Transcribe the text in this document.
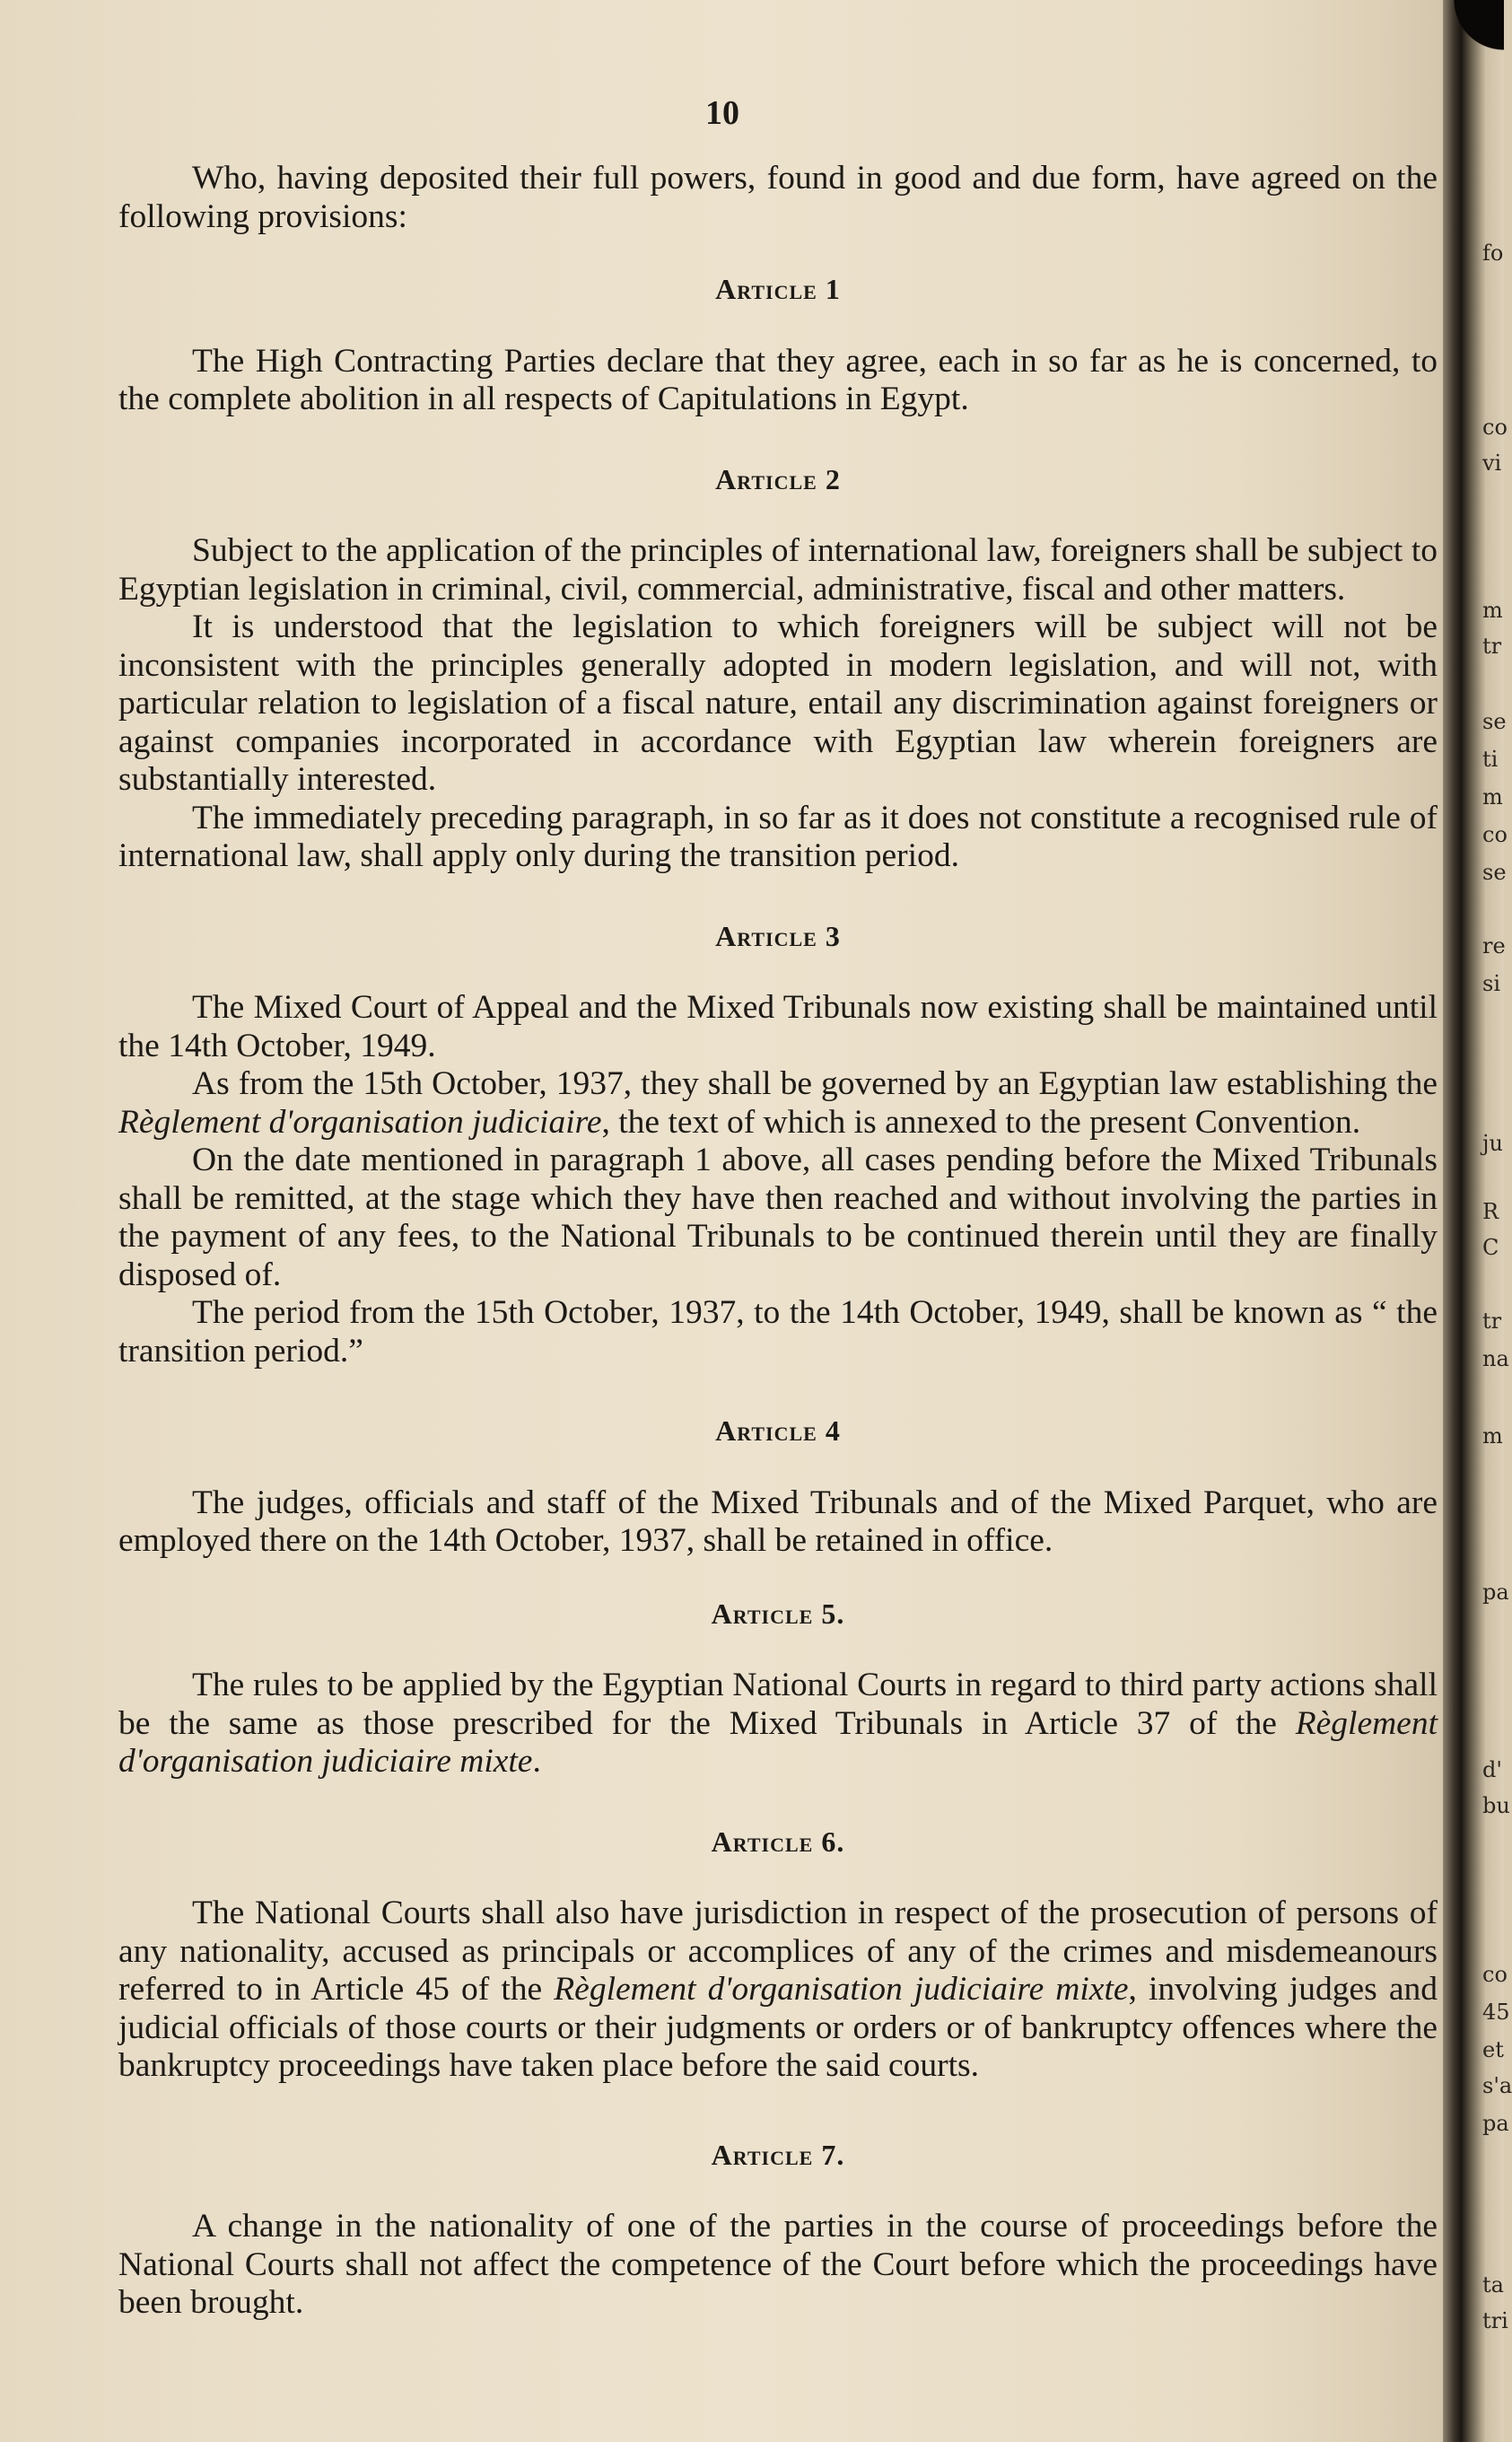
fo
co
vi
m
tr
se
ti
m
co
se
re
si
ju
R
C
tr
na
m
pa
d'
bu
co
45
et
s'a
pa
ta
tri
10

Who, having deposited their full powers, found in good and due form, have agreed on the following provisions:

Article 1

The High Contracting Parties declare that they agree, each in so far as he is concerned, to the complete abolition in all respects of Capitulations in Egypt.

Article 2

Subject to the application of the principles of international law, foreigners shall be subject to Egyptian legislation in criminal, civil, commercial, administrative, fiscal and other matters.

It is understood that the legislation to which foreigners will be subject will not be inconsistent with the principles generally adopted in modern legislation, and will not, with particular relation to legislation of a fiscal nature, entail any discrimination against foreigners or against companies incorporated in accordance with Egyptian law wherein foreigners are substantially interested.

The immediately preceding paragraph, in so far as it does not constitute a recognised rule of international law, shall apply only during the transition period.

Article 3

The Mixed Court of Appeal and the Mixed Tribunals now existing shall be maintained until the 14th October, 1949.

As from the 15th October, 1937, they shall be governed by an Egyptian law establishing the Règlement d'organisation judiciaire, the text of which is annexed to the present Convention.

On the date mentioned in paragraph 1 above, all cases pending before the Mixed Tribunals shall be remitted, at the stage which they have then reached and without involving the parties in the payment of any fees, to the National Tribunals to be continued therein until they are finally disposed of.

The period from the 15th October, 1937, to the 14th October, 1949, shall be known as “ the transition period.”

Article 4

The judges, officials and staff of the Mixed Tribunals and of the Mixed Parquet, who are employed there on the 14th October, 1937, shall be retained in office.

Article 5.

The rules to be applied by the Egyptian National Courts in regard to third party actions shall be the same as those prescribed for the Mixed Tribunals in Article 37 of the Règlement d'organisation judiciaire mixte.

Article 6.

The National Courts shall also have jurisdiction in respect of the prosecution of persons of any nationality, accused as principals or accomplices of any of the crimes and misdemeanours referred to in Article 45 of the Règlement d'organisation judiciaire mixte, involving judges and judicial officials of those courts or their judgments or orders or of bankruptcy offences where the bankruptcy proceedings have taken place before the said courts.

Article 7.

A change in the nationality of one of the parties in the course of proceedings before the National Courts shall not affect the competence of the Court before which the proceedings have been brought.
